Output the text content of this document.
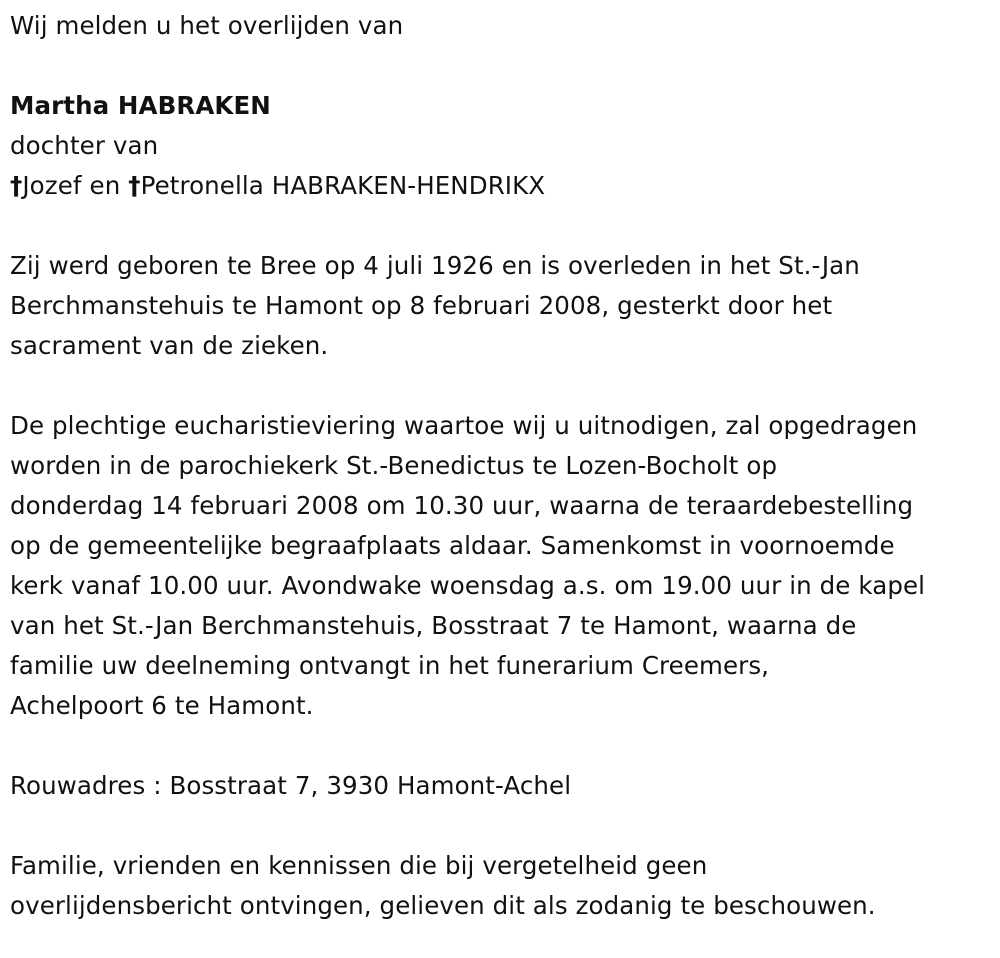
Wij melden u het overlijden van
Martha HABRAKEN
dochter van
†Jozef en †Petronella HABRAKEN-HENDRIKX
Zij werd geboren te Bree op 4 juli 1926 en is overleden in het St.-Jan
Berchmanstehuis te Hamont op 8 februari 2008, gesterkt door het
sacrament van de zieken.
De plechtige eucharistieviering waartoe wij u uitnodigen, zal opgedragen
worden in de parochiekerk St.-Benedictus te Lozen-Bocholt op
donderdag 14 februari 2008 om 10.30 uur, waarna de teraardebestelling
op de gemeentelijke begraafplaats aldaar. Samenkomst in voornoemde
kerk vanaf 10.00 uur. Avondwake woensdag a.s. om 19.00 uur in de kapel
van het St.-Jan Berchmanstehuis, Bosstraat 7 te Hamont, waarna de
familie uw deelneming ontvangt in het funerarium Creemers,
Achelpoort 6 te Hamont.
Rouwadres : Bosstraat 7, 3930 Hamont-Achel
Familie, vrienden en kennissen die bij vergetelheid geen
overlijdensbericht ontvingen, gelieven dit als zodanig te beschouwen.
